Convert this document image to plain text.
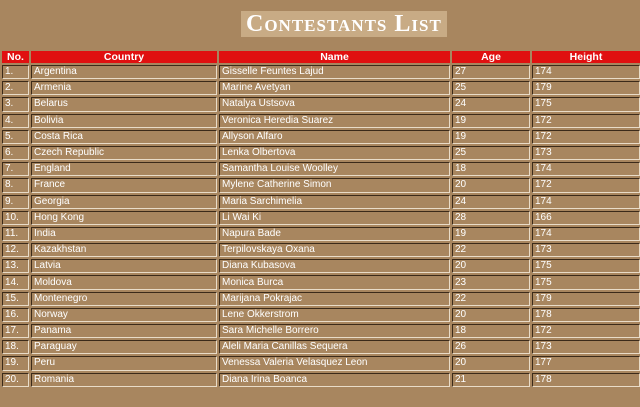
Contestants List
No.	Country	Name	Age	Height
1.	Argentina	Gisselle Feuntes Lajud	27	174
2.	Armenia	Marine Avetyan	25	179
3.	Belarus	Natalya Ustsova	24	175
4.	Bolivia	Veronica Heredia Suarez	19	172
5.	Costa Rica	Allyson Alfaro	19	172
6.	Czech Republic	Lenka Olbertova	25	173
7.	England	Samantha Louise Woolley	18	174
8.	France	Mylene Catherine Simon	20	172
9.	Georgia	Maria Sarchimelia	24	174
10.	Hong Kong	Li Wai Ki	28	166
11.	India	Napura Bade	19	174
12.	Kazakhstan	Terpilovskaya Oxana	22	173
13.	Latvia	Diana Kubasova	20	175
14.	Moldova	Monica Burca	23	175
15.	Montenegro	Marijana Pokrajac	22	179
16.	Norway	Lene Okkerstrom	20	178
17.	Panama	Sara Michelle Borrero	18	172
18.	Paraguay	Aleli Maria Canillas Sequera	26	173
19.	Peru	Venessa Valeria Velasquez Leon	20	177
20.	Romania	Diana Irina Boanca	21	178
